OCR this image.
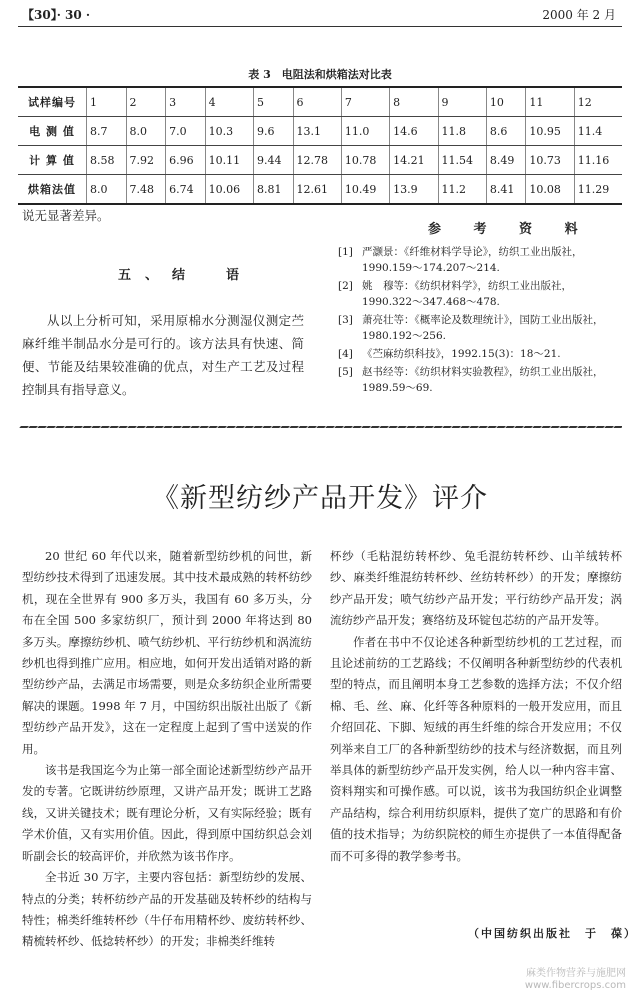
【30】· 30 ·	2000 年 2 月
表 3　电阻法和烘箱法对比表
试样编号	1	2	3	4	5	6	7	8	9	10	11	12
电 测 值	8.7	8.0	7.0	10.3	9.6	13.1	11.0	14.6	11.8	8.6	10.95	11.4
计 算 值	8.58	7.92	6.96	10.11	9.44	12.78	10.78	14.21	11.54	8.49	10.73	11.16
烘箱法值	8.0	7.48	6.74	10.06	8.81	12.61	10.49	13.9	11.2	8.41	10.08	11.29
说无显著差异。
五、结　语

从以上分析可知，采用原棉水分测湿仪测定苎麻纤维半制品水分是可行的。该方法具有快速、简便、节能及结果较准确的优点，对生产工艺及过程控制具有指导意义。

参 考 资 料
[1] 严灏景：《纤维材料学导论》，纺织工业出版社，1990.159～174.207～214.
[2] 姚　穆等：《纺织材料学》，纺织工业出版社，1990.322～347.468～478.
[3] 萧亮壮等：《概率论及数理统计》，国防工业出版社，1980.192～256.
[4] 《苎麻纺织科技》，1992.15(3)：18～21.
[5] 赵书经等：《纺织材料实验教程》，纺织工业出版社，1989.59～69.
《新型纺纱产品开发》评介

20 世纪 60 年代以来，随着新型纺纱机的问世，新型纺纱技术得到了迅速发展。其中技术最成熟的转杯纺纱机，现在全世界有 900 多万头，我国有 60 多万头，分布在全国 500 多家纺织厂，预计到 2000 年将达到 80 多万头。摩擦纺纱机、喷气纺纱机、平行纺纱机和涡流纺纱机也得到推广应用。相应地，如何开发出适销对路的新型纺纱产品，去满足市场需要，则是众多纺织企业所需要解决的课题。1998 年 7 月，中国纺织出版社出版了《新型纺纱产品开发》，这在一定程度上起到了雪中送炭的作用。

该书是我国迄今为止第一部全面论述新型纺纱产品开发的专著。它既讲纺纱原理，又讲产品开发；既讲工艺路线，又讲关键技术；既有理论分析，又有实际经验；既有学术价值，又有实用价值。因此，得到原中国纺织总会刘昕副会长的较高评价，并欣然为该书作序。

全书近 30 万字，主要内容包括：新型纺纱的发展、特点的分类；转杯纺纱产品的开发基础及转杯纱的结构与特性；棉类纤维转杯纱（牛仔布用精杯纱、废纺转杯纱、精梳转杯纱、低捻转杯纱）的开发；非棉类纤维转

杯纱（毛粘混纺转杯纱、兔毛混纺转杯纱、山羊绒转杯纱、麻类纤维混纺转杯纱、丝纺转杯纱）的开发；摩擦纺纱产品开发；喷气纺纱产品开发；平行纺纱产品开发；涡流纺纱产品开发；赛络纺及环锭包芯纺的产品开发等。

作者在书中不仅论述各种新型纺纱机的工艺过程，而且论述前纺的工艺路线；不仅阐明各种新型纺纱的代表机型的特点，而且阐明本身工艺参数的选择方法；不仅介绍棉、毛、丝、麻、化纤等各种原料的一般开发应用，而且介绍回花、下脚、短绒的再生纤维的综合开发应用；不仅列举来自工厂的各种新型纺纱的技术与经济数据，而且列举具体的新型纺纱产品开发实例，给人以一种内容丰富、资料翔实和可操作感。可以说，该书为我国纺织企业调整产品结构，综合利用纺织原料，提供了宽广的思路和有价值的技术指导；为纺织院校的师生亦提供了一本值得配备而不可多得的教学参考书。

（中国纺织出版社　于　葆）
麻类作物营养与施肥网
www.fibercrops.com
